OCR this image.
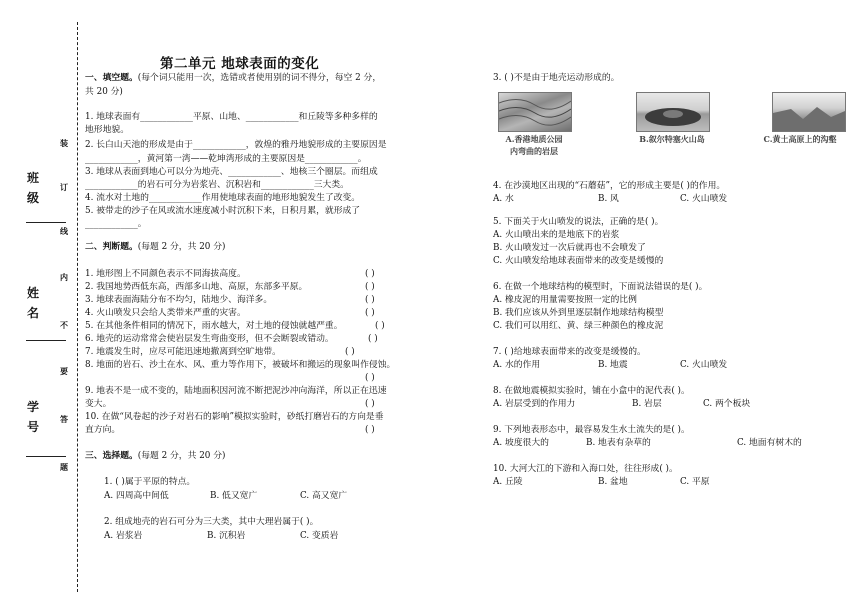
装
订
线
内
不
要
答
题
班
级
姓
名
学
号
第二单元 地球表面的变化
一、填空题。(每个词只能用一次，选错或者使用别的词不得分，每空 2 分，
共 20 分)
1. 地球表面有____________平原、山地、____________和丘陵等多种多样的
地形地貌。
2. 长白山天池的形成是由于____________，敦煌的雅丹地貌形成的主要原因是
____________，黄河第一湾——乾坤湾形成的主要原因是____________。
3. 地球从表面到地心可以分为地壳、____________、地核三个圈层。而组成
____________的岩石可分为岩浆岩、沉积岩和____________三大类。
4. 流水对土地的____________作用使地球表面的地形地貌发生了改变。
5. 被带走的沙子在风或流水速度减小时沉积下来，日积月累，就形成了
____________。
二、判断题。(每题 2 分，共 20 分)
1. 地形图上不同颜色表示不同海拔高度。	( )
2. 我国地势西低东高，西部多山地、高原，东部多平原。	( )
3. 地球表面海陆分布不均匀，陆地少、海洋多。	( )
4. 火山喷发只会给人类带来严重的灾害。	( )
5. 在其他条件相同的情况下，雨水越大，对土地的侵蚀就越严重。	( )
6. 地壳的运动常常会使岩层发生弯曲变形，但不会断裂或错动。	( )
7. 地震发生时，应尽可能迅速地撤离到空旷地带。	( )
8. 地面的岩石、沙土在水、风、重力等作用下，被破坏和搬运的现象叫作侵蚀。
( )
9. 地表不是一成不变的，陆地面积因河流不断把泥沙冲向海洋，所以正在迅速
变大。	( )
10. 在做“风卷起的沙子对岩石的影响”模拟实验时，砂纸打磨岩石的方向是垂
直方向。	( )
三、选择题。(每题 2 分，共 20 分)
1. ( )属于平原的特点。
A. 四周高中间低	B. 低又宽广	C. 高又宽广
2. 组成地壳的岩石可分为三大类，其中大理岩属于( )。
A. 岩浆岩	B. 沉积岩	C. 变质岩
3. ( )不是由于地壳运动形成的。
A.香港地质公园
内弯曲的岩层
B.叙尔特塞火山岛	C.黄土高原上的沟壑
4. 在沙漠地区出现的“石蘑菇”，它的形成主要是( )的作用。
A. 水	B. 风	C. 火山喷发
5. 下面关于火山喷发的说法，正确的是( )。
A. 火山喷出来的是地底下的岩浆
B. 火山喷发过一次后就再也不会喷发了
C. 火山喷发给地球表面带来的改变是缓慢的
6. 在做一个地球结构的模型时，下面说法错误的是( )。
A. 橡皮泥的用量需要按照一定的比例
B. 我们应该从外到里逐层制作地球结构模型
C. 我们可以用红、黄、绿三种颜色的橡皮泥
7. ( )给地球表面带来的改变是缓慢的。
A. 水的作用	B. 地震	C. 火山喷发
8. 在做地震模拟实验时，铺在小盒中的泥代表( )。
A. 岩层受到的作用力	B. 岩层	C. 两个板块
9. 下列地表形态中，最容易发生水土流失的是( )。
A. 坡度很大的	B. 地表有杂草的	C. 地面有树木的
10. 大河大江的下游和入海口处，往往形成( )。
A. 丘陵	B. 盆地	C. 平原
